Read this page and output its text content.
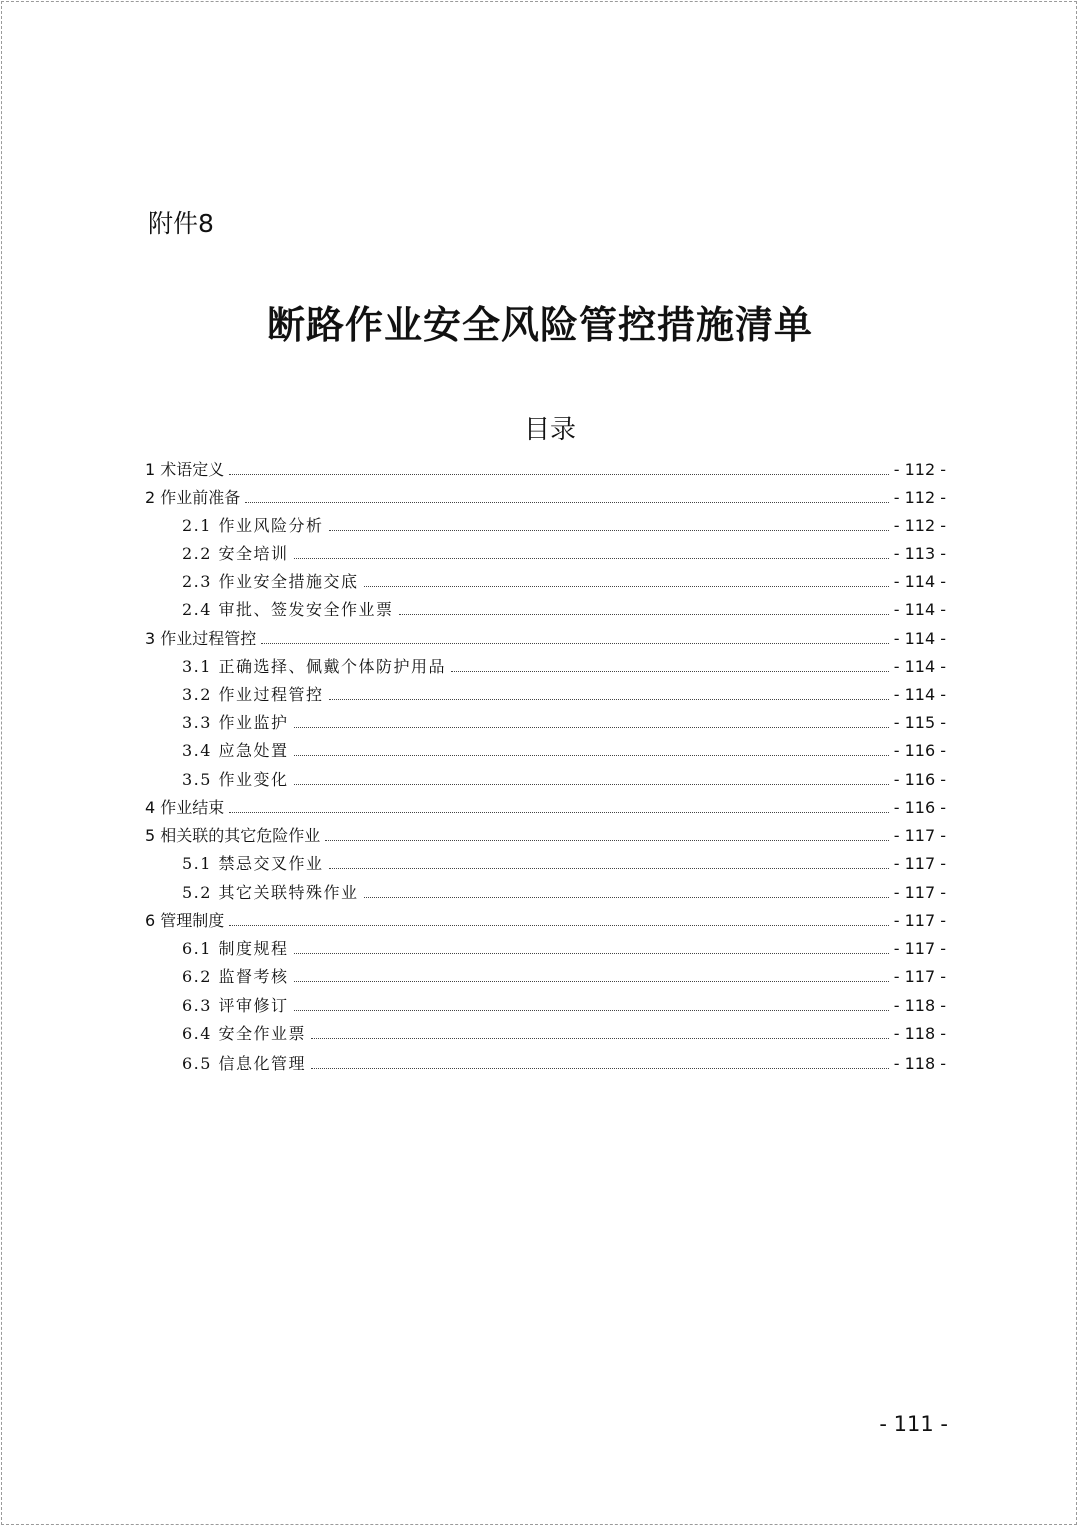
附件8
断路作业安全风险管控措施清单
目录
1 术语定义	- 112 -
2 作业前准备	- 112 -
2.1 作业风险分析	- 112 -
2.2 安全培训	- 113 -
2.3 作业安全措施交底	- 114 -
2.4 审批、签发安全作业票	- 114 -
3 作业过程管控	- 114 -
3.1 正确选择、佩戴个体防护用品	- 114 -
3.2 作业过程管控	- 114 -
3.3 作业监护	- 115 -
3.4 应急处置	- 116 -
3.5 作业变化	- 116 -
4 作业结束	- 116 -
5 相关联的其它危险作业	- 117 -
5.1 禁忌交叉作业	- 117 -
5.2 其它关联特殊作业	- 117 -
6 管理制度	- 117 -
6.1 制度规程	- 117 -
6.2 监督考核	- 117 -
6.3 评审修订	- 118 -
6.4 安全作业票	- 118 -
6.5 信息化管理	- 118 -
- 111 -
